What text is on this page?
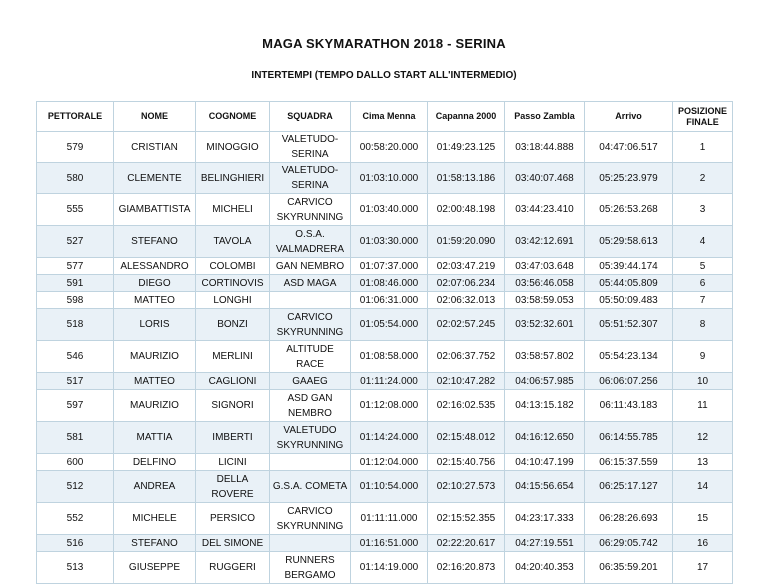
MAGA SKYMARATHON 2018 - SERINA
INTERTEMPI (TEMPO DALLO START ALL'INTERMEDIO)
PETTORALE	NOME	COGNOME	SQUADRA	Cima Menna	Capanna 2000	Passo Zambla	Arrivo	POSIZIONE
FINALE
579	CRISTIAN	MINOGGIO	VALETUDO-SERINA	00:58:20.000	01:49:23.125	03:18:44.888	04:47:06.517	1
580	CLEMENTE	BELINGHIERI	VALETUDO-SERINA	01:03:10.000	01:58:13.186	03:40:07.468	05:25:23.979	2
555	GIAMBATTISTA	MICHELI	CARVICO SKYRUNNING	01:03:40.000	02:00:48.198	03:44:23.410	05:26:53.268	3
527	STEFANO	TAVOLA	O.S.A. VALMADRERA	01:03:30.000	01:59:20.090	03:42:12.691	05:29:58.613	4
577	ALESSANDRO	COLOMBI	GAN NEMBRO	01:07:37.000	02:03:47.219	03:47:03.648	05:39:44.174	5
591	DIEGO	CORTINOVIS	ASD MAGA	01:08:46.000	02:07:06.234	03:56:46.058	05:44:05.809	6
598	MATTEO	LONGHI		01:06:31.000	02:06:32.013	03:58:59.053	05:50:09.483	7
518	LORIS	BONZI	CARVICO SKYRUNNING	01:05:54.000	02:02:57.245	03:52:32.601	05:51:52.307	8
546	MAURIZIO	MERLINI	ALTITUDE RACE	01:08:58.000	02:06:37.752	03:58:57.802	05:54:23.134	9
517	MATTEO	CAGLIONI	GAAEG	01:11:24.000	02:10:47.282	04:06:57.985	06:06:07.256	10
597	MAURIZIO	SIGNORI	ASD GAN NEMBRO	01:12:08.000	02:16:02.535	04:13:15.182	06:11:43.183	11
581	MATTIA	IMBERTI	VALETUDO SKYRUNNING	01:14:24.000	02:15:48.012	04:16:12.650	06:14:55.785	12
600	DELFINO	LICINI		01:12:04.000	02:15:40.756	04:10:47.199	06:15:37.559	13
512	ANDREA	DELLA ROVERE	G.S.A. COMETA	01:10:54.000	02:10:27.573	04:15:56.654	06:25:17.127	14
552	MICHELE	PERSICO	CARVICO SKYRUNNING	01:11:11.000	02:15:52.355	04:23:17.333	06:28:26.693	15
516	STEFANO	DEL SIMONE		01:16:51.000	02:22:20.617	04:27:19.551	06:29:05.742	16
513	GIUSEPPE	RUGGERI	RUNNERS BERGAMO	01:14:19.000	02:16:20.873	04:20:40.353	06:35:59.201	17
